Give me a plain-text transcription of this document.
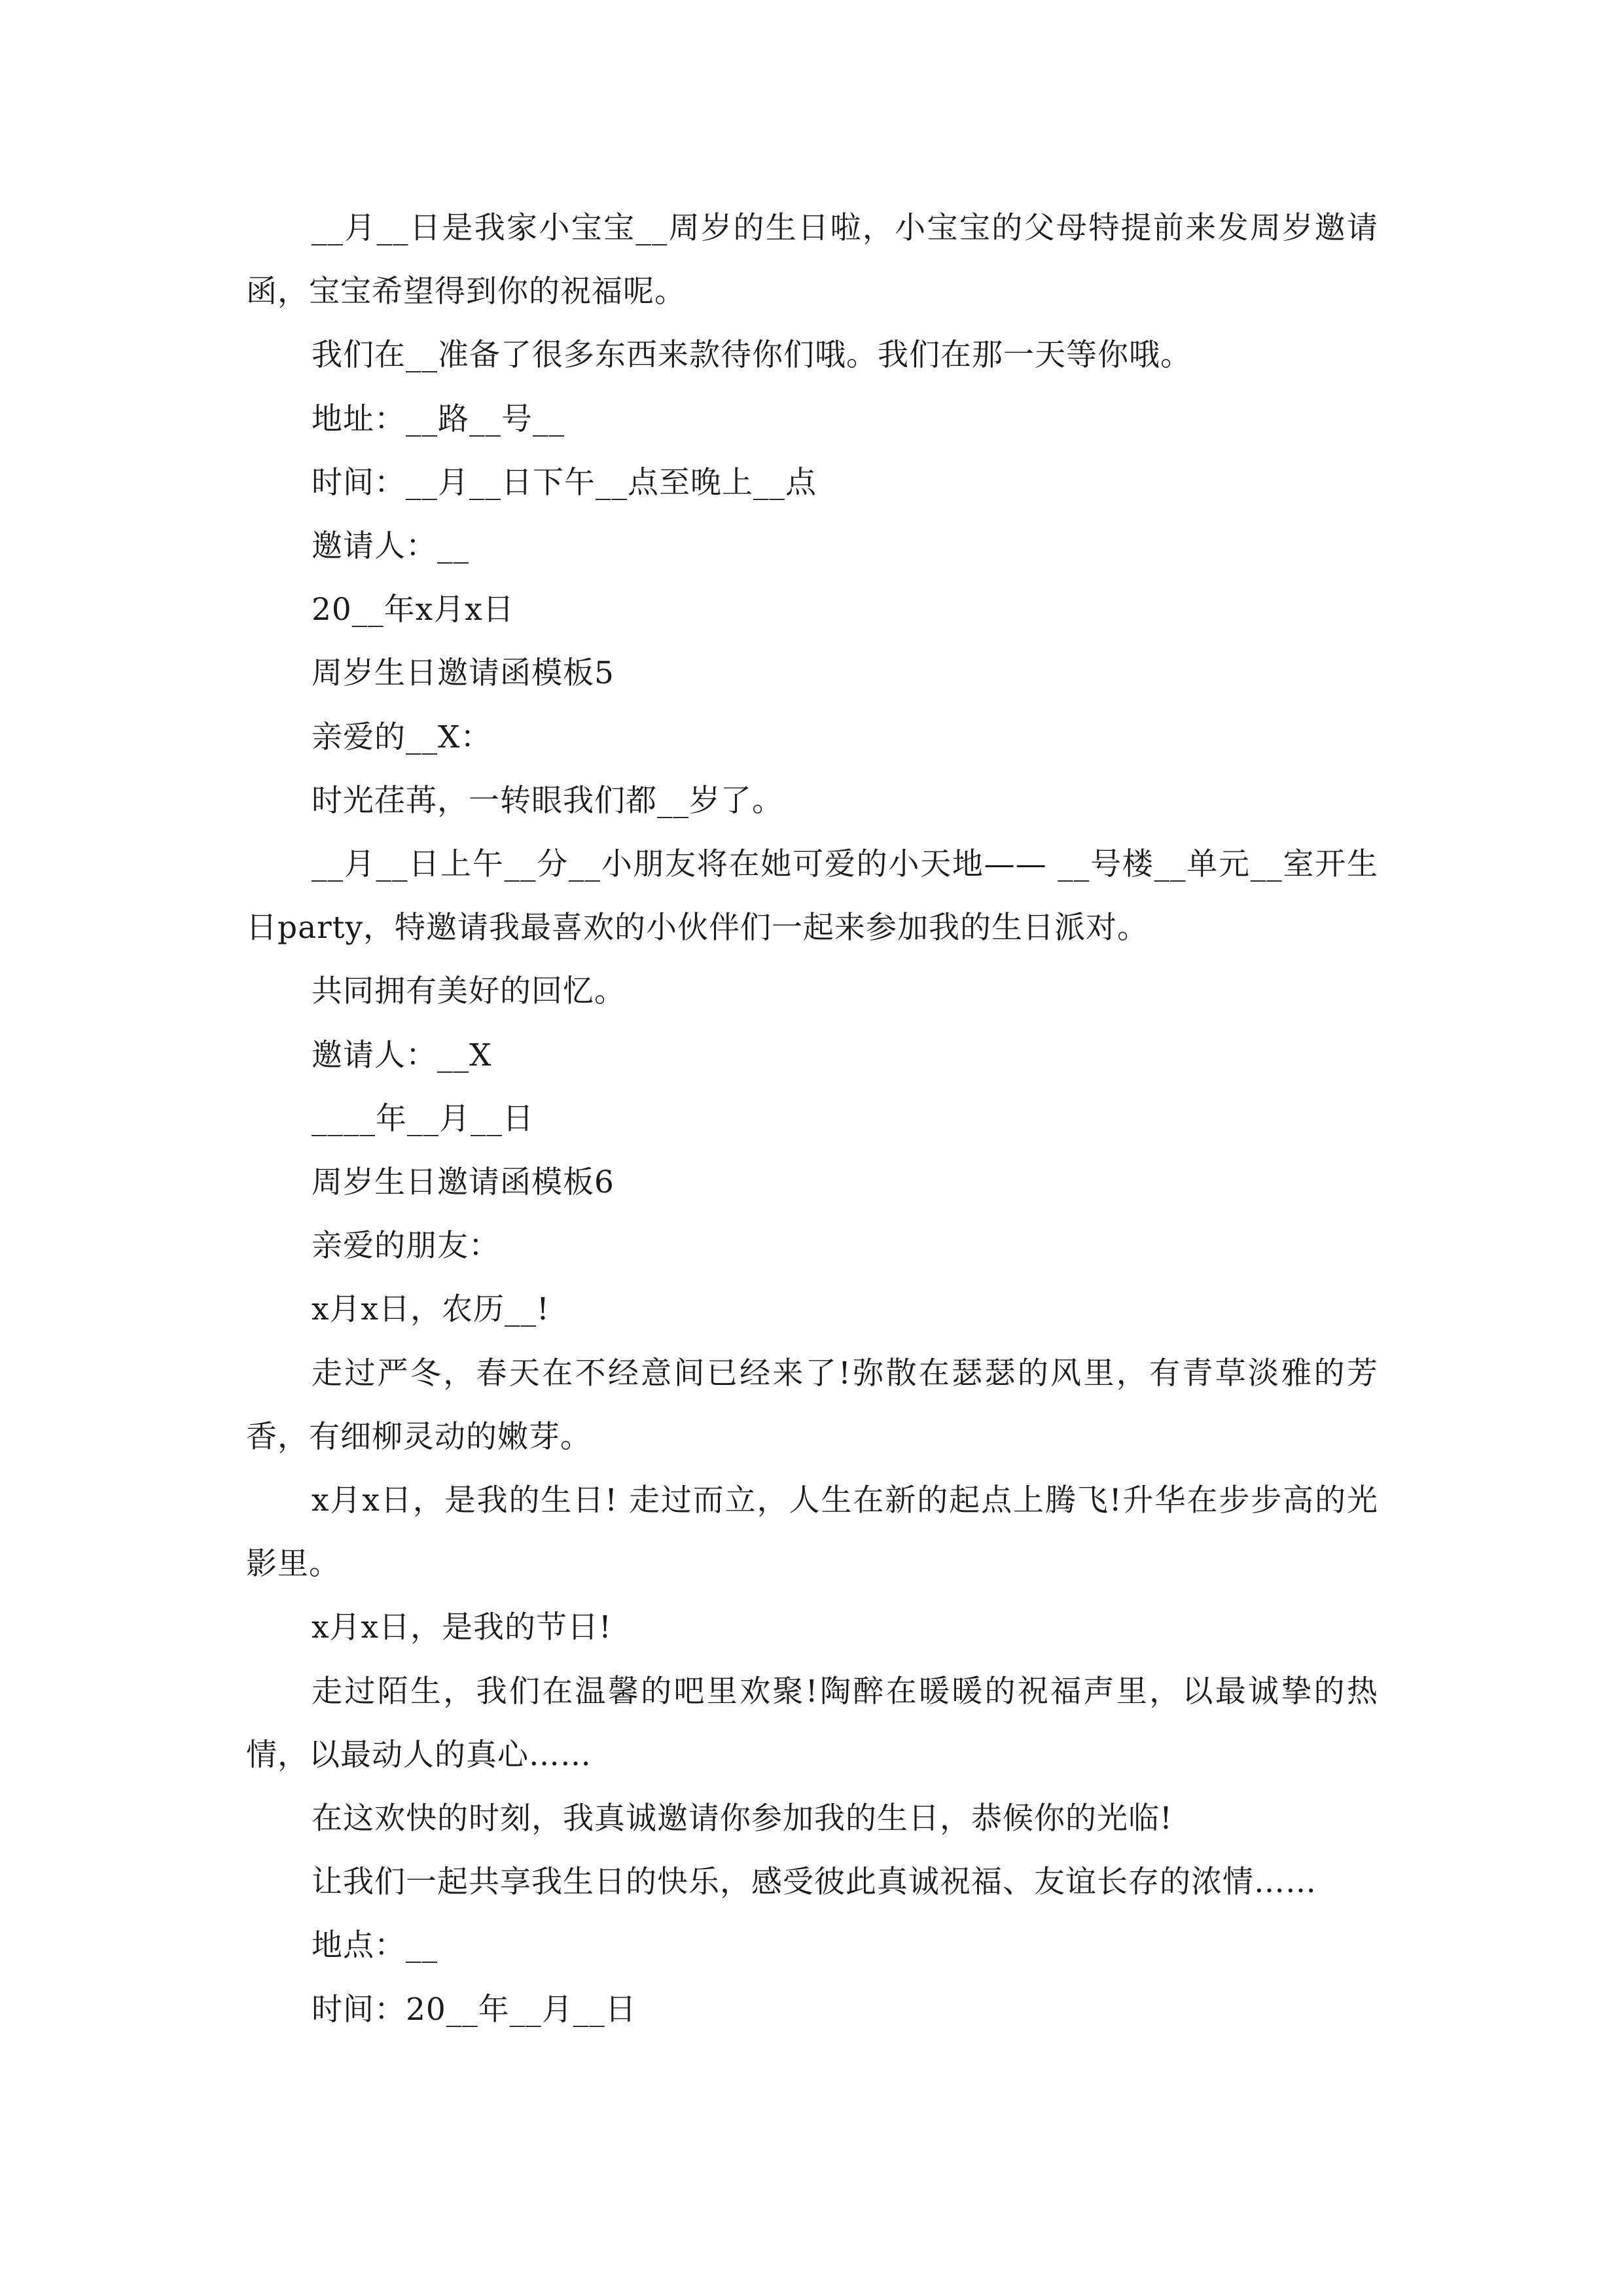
__月__日是我家小宝宝__周岁的生日啦，小宝宝的父母特提前来发周岁邀请函，宝宝希望得到你的祝福呢。

我们在__准备了很多东西来款待你们哦。我们在那一天等你哦。

地址：__路__号__

时间：__月__日下午__点至晚上__点

邀请人：__

20__年x月x日

周岁生日邀请函模板5

亲爱的__X：

时光荏苒，一转眼我们都__岁了。

__月__日上午__分__小朋友将在她可爱的小天地—— __号楼__单元__室开生日party，特邀请我最喜欢的小伙伴们一起来参加我的生日派对。

共同拥有美好的回忆。

邀请人：__X

____年__月__日

周岁生日邀请函模板6

亲爱的朋友：

x月x日，农历__!

走过严冬，春天在不经意间已经来了!弥散在瑟瑟的风里，有青草淡雅的芳香，有细柳灵动的嫩芽。

x月x日，是我的生日! 走过而立，人生在新的起点上腾飞!升华在步步高的光影里。

x月x日，是我的节日!

走过陌生，我们在温馨的吧里欢聚!陶醉在暖暖的祝福声里，以最诚挚的热情，以最动人的真心……

在这欢快的时刻，我真诚邀请你参加我的生日，恭候你的光临!

让我们一起共享我生日的快乐，感受彼此真诚祝福、友谊长存的浓情……

地点：__

时间：20__年__月__日
